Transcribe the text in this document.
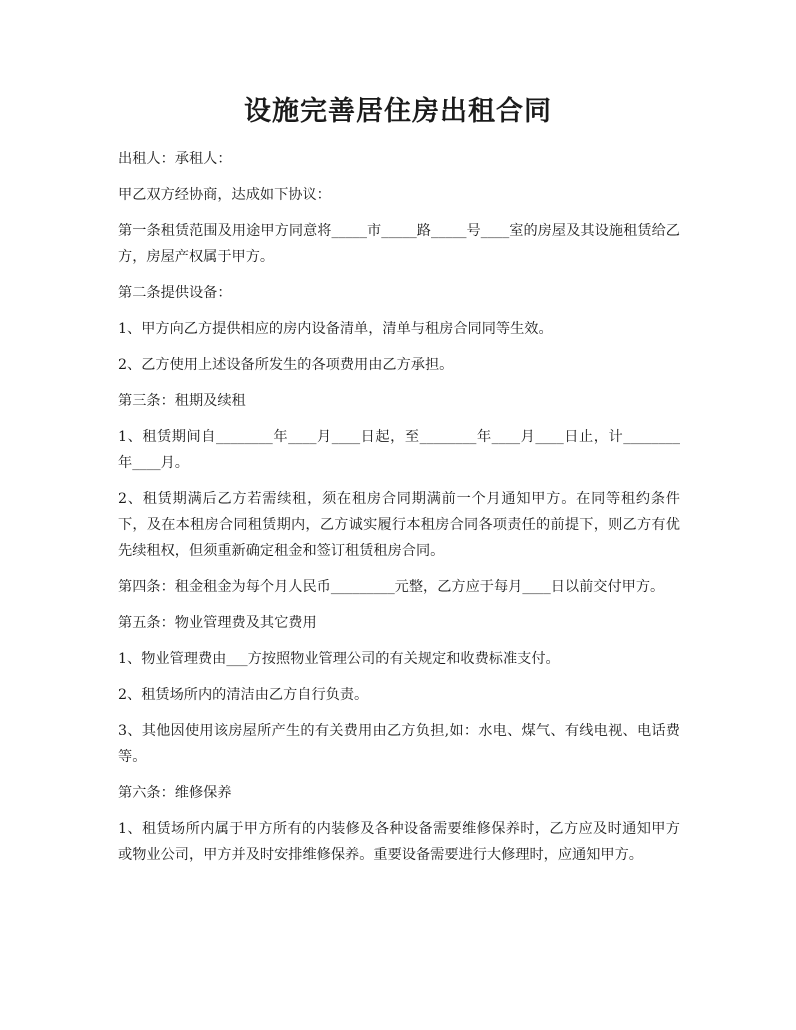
设施完善居住房出租合同

出租人：承租人：

甲乙双方经协商，达成如下协议：

第一条租赁范围及用途甲方同意将_____市_____路_____号____室的房屋及其设施租赁给乙方，房屋产权属于甲方。

第二条提供设备：

1、甲方向乙方提供相应的房内设备清单，清单与租房合同同等生效。

2、乙方使用上述设备所发生的各项费用由乙方承担。

第三条：租期及续租

1、租赁期间自________年____月____日起，至________年____月____日止，计________年____月。

2、租赁期满后乙方若需续租，须在租房合同期满前一个月通知甲方。在同等租约条件下，及在本租房合同租赁期内，乙方诚实履行本租房合同各项责任的前提下，则乙方有优先续租权，但须重新确定租金和签订租赁租房合同。

第四条：租金租金为每个月人民币_________元整，乙方应于每月____日以前交付甲方。

第五条：物业管理费及其它费用

1、物业管理费由___方按照物业管理公司的有关规定和收费标准支付。

2、租赁场所内的清洁由乙方自行负责。

3、其他因使用该房屋所产生的有关费用由乙方负担,如：水电、煤气、有线电视、电话费等。

第六条：维修保养

1、租赁场所内属于甲方所有的内装修及各种设备需要维修保养时，乙方应及时通知甲方或物业公司，甲方并及时安排维修保养。重要设备需要进行大修理时，应通知甲方。
